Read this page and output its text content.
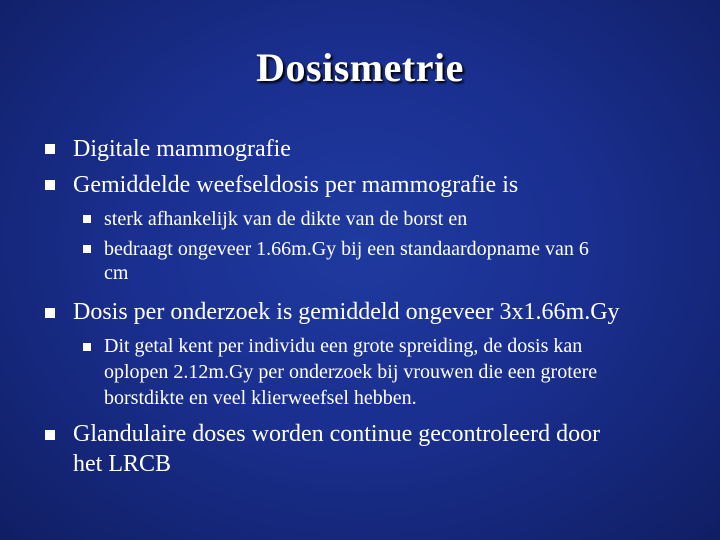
Dosismetrie
Digitale mammografie
Gemiddelde weefseldosis per mammografie is
sterk afhankelijk van de dikte van de borst en
bedraagt ongeveer 1.66m.Gy bij een standaardopname van 6
cm
Dosis per onderzoek is gemiddeld ongeveer 3x1.66m.Gy
Dit getal kent per individu een grote spreiding, de dosis kan
oplopen 2.12m.Gy per onderzoek bij vrouwen die een grotere
borstdikte en veel klierweefsel hebben.
Glandulaire doses worden continue gecontroleerd door
het LRCB
